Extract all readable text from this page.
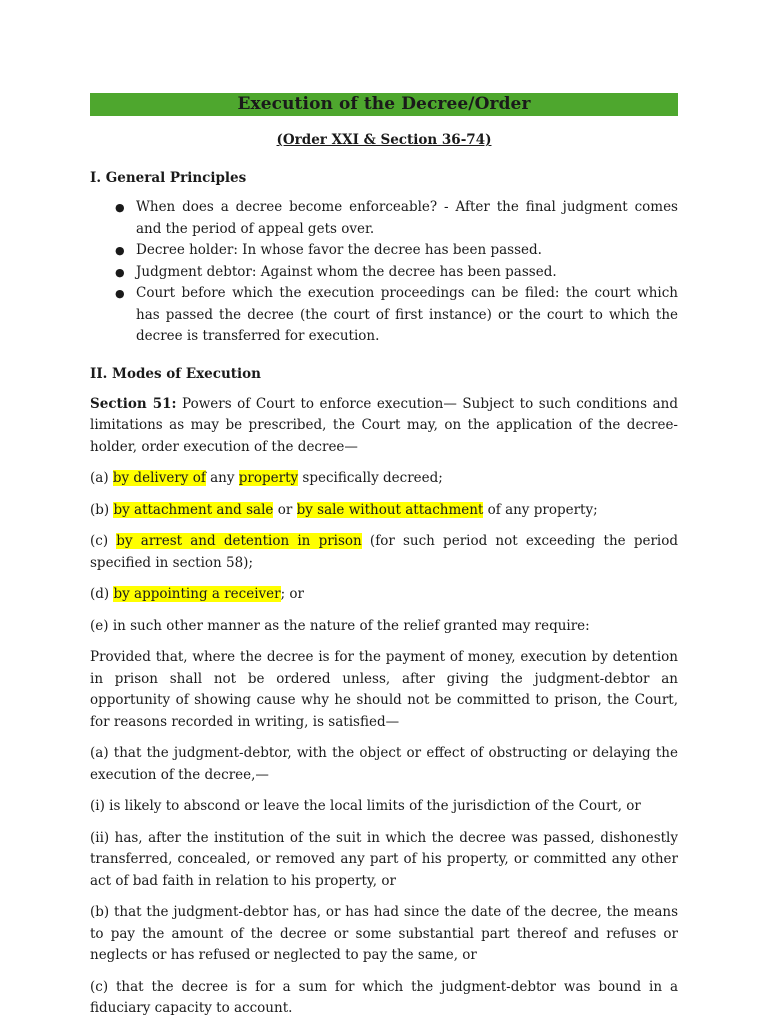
Execution of the Decree/Order
(Order XXI & Section 36-74)
I. General Principles
● When does a decree become enforceable? - After the final judgment comes and the period of appeal gets over.
● Decree holder: In whose favor the decree has been passed.
● Judgment debtor: Against whom the decree has been passed.
● Court before which the execution proceedings can be filed: the court which has passed the decree (the court of first instance) or the court to which the decree is transferred for execution.
II. Modes of Execution

Section 51: Powers of Court to enforce execution— Subject to such conditions and limitations as may be prescribed, the Court may, on the application of the decree-holder, order execution of the decree—

(a) by delivery of any property specifically decreed;

(b) by attachment and sale or by sale without attachment of any property;

(c) by arrest and detention in prison (for such period not exceeding the period specified in section 58);

(d) by appointing a receiver; or

(e) in such other manner as the nature of the relief granted may require:

Provided that, where the decree is for the payment of money, execution by detention in prison shall not be ordered unless, after giving the judgment-debtor an opportunity of showing cause why he should not be committed to prison, the Court, for reasons recorded in writing, is satisfied—

(a) that the judgment-debtor, with the object or effect of obstructing or delaying the execution of the decree,—

(i) is likely to abscond or leave the local limits of the jurisdiction of the Court, or

(ii) has, after the institution of the suit in which the decree was passed, dishonestly transferred, concealed, or removed any part of his property, or committed any other act of bad faith in relation to his property, or

(b) that the judgment-debtor has, or has had since the date of the decree, the means to pay the amount of the decree or some substantial part thereof and refuses or neglects or has refused or neglected to pay the same, or

(c) that the decree is for a sum for which the judgment-debtor was bound in a fiduciary capacity to account.
